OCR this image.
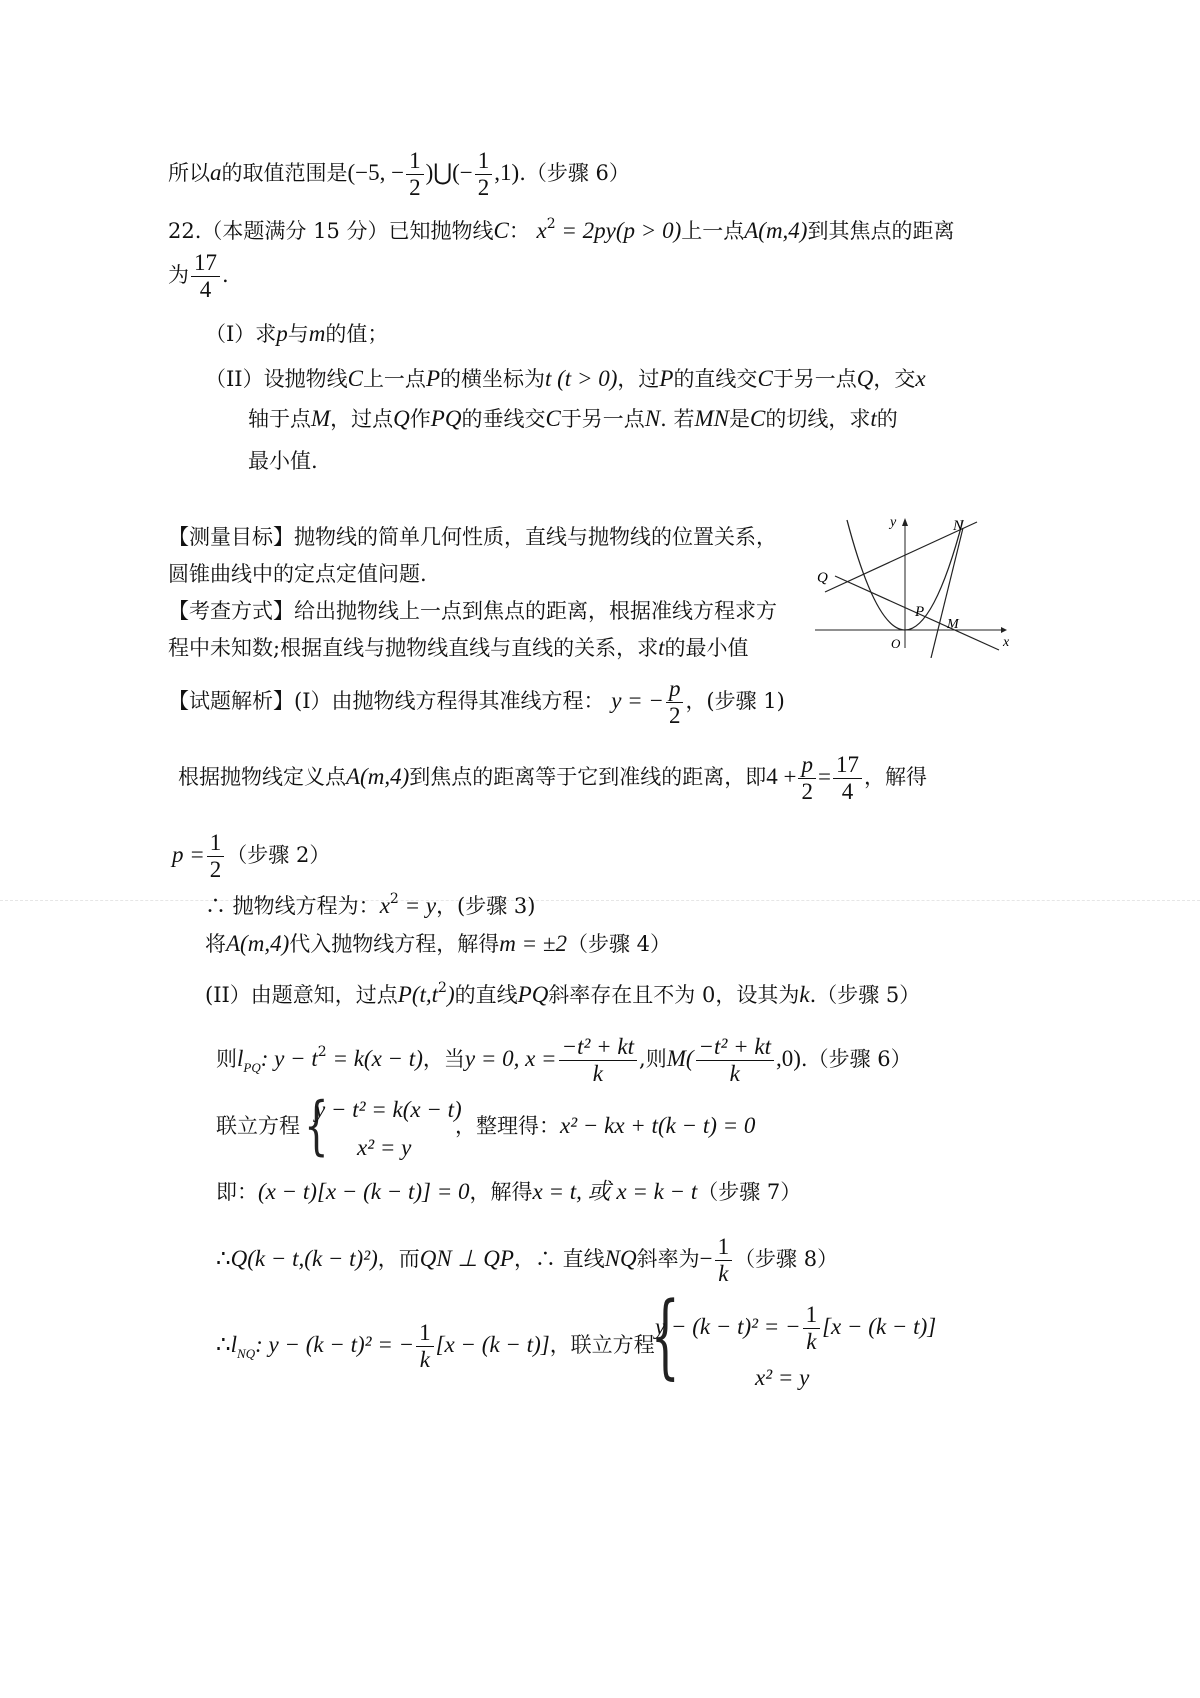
所以a的取值范围是(−5, − $\frac{1}{2}$ )⋃(− $\frac{1}{2} ,1$).（步骤 6）
22.（本题满分 15 分）已知抛物线C： $x^2 = 2py(p > 0)$上一点A(m,4)到其焦点的距离
为 $\frac{17}{4}$ .
（I）求p与m的值；
（II）设抛物线C上一点P的横坐标为t (t > 0)，过P的直线交C于另一点Q，交x
轴于点M，过点Q作PQ的垂线交C于另一点N. 若MN是C的切线，求t的
最小值.
【测量目标】抛物线的简单几何性质，直线与抛物线的位置关系，
圆锥曲线中的定点定值问题.
【考查方式】给出抛物线上一点到焦点的距离，根据准线方程求方
程中未知数;根据直线与抛物线直线与直线的关系，求t的最小值
y
x
O
Q
P
M
N
【试题解析】(I）由抛物线方程得其准线方程： y = − $\frac{p}{2}$ ，(步骤 1)
根据抛物线定义点A(m,4)到焦点的距离等于它到准线的距离，即$4 + \frac{p}{2} = \frac{17}{4}$ ，解得
$p = \frac{1}{2}$ （步骤 2）
∴ 抛物线方程为：$x^2 = y$，(步骤 3)
将A(m,4)代入抛物线方程，解得m = ±2（步骤 4）
(II）由题意知，过点$P(t,t^2)$的直线PQ斜率存在且不为 0，设其为k.（步骤 5）
则$l_{PQ}$: $y - t^2 = k(x - t)$，当y = 0, $x = \frac{\text{−t² + kt}}{k}$ ,则$M( \frac{\text{−t² + kt}}{k} ,0)$.（步骤 6）
联立方程 {
y − t² = k(x − t)
x² = y
，整理得：x² − kx + t(k − t) = 0
即：(x − t)[x − (k − t)] = 0，解得x = t, 或 x = k − t（步骤 7）
∴Q(k − t,(k − t)²)，而QN ⊥ QP，∴ 直线NQ斜率为− $\frac{1}{k}$ （步骤 8）
$\therefore l_{NQ}$: y − (k − t)² = − $\frac{1}{k} [x - (k - t)]$，联立方程
{
y − (k − t)² = − $\frac{1}{k} [x - (k - t)]$
x² = y
